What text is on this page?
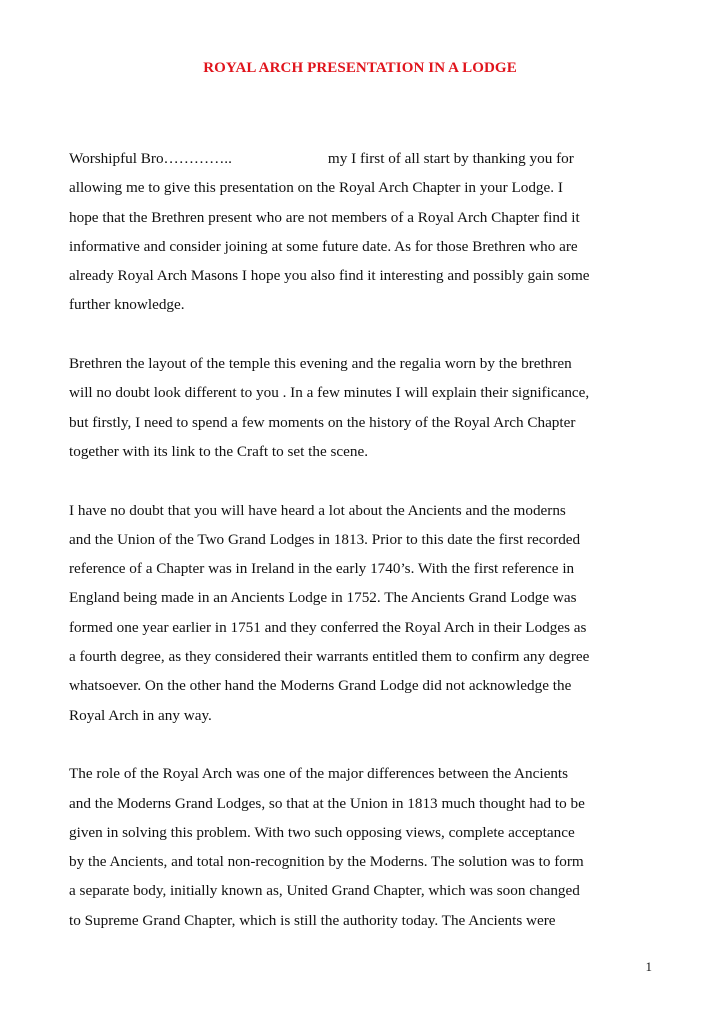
ROYAL ARCH PRESENTATION IN A LODGE
Worshipful Bro…………..	my I first of all start by thanking you for
allowing me to give this presentation on the Royal Arch Chapter in your Lodge. I
hope that the Brethren present who are not members of a Royal Arch Chapter find it
informative and consider joining at some future date. As for those Brethren who are
already Royal Arch Masons I hope you also find it interesting and possibly gain some
further knowledge.
Brethren the layout of the temple this evening and the regalia worn by the brethren
will no doubt look different to you . In a few minutes I will explain their significance,
but firstly, I need to spend a few moments on the history of the Royal Arch Chapter
together with its link to the Craft to set the scene.
I have no doubt that you will have heard a lot about the Ancients and the moderns
and the Union of the Two Grand Lodges in 1813. Prior to this date the first recorded
reference of a Chapter was in Ireland in the early 1740’s. With the first reference in
England being made in an Ancients Lodge in 1752. The Ancients Grand Lodge was
formed one year earlier in 1751 and they conferred the Royal Arch in their Lodges as
a fourth degree, as they considered their warrants entitled them to confirm any degree
whatsoever. On the other hand the Moderns Grand Lodge did not acknowledge the
Royal Arch in any way.
The role of the Royal Arch was one of the major differences between the Ancients
and the Moderns Grand Lodges, so that at the Union in 1813 much thought had to be
given in solving this problem. With two such opposing views, complete acceptance
by the Ancients, and total non-recognition by the Moderns. The solution was to form
a separate body, initially known as, United Grand Chapter, which was soon changed
to Supreme Grand Chapter, which is still the authority today. The Ancients were
1
